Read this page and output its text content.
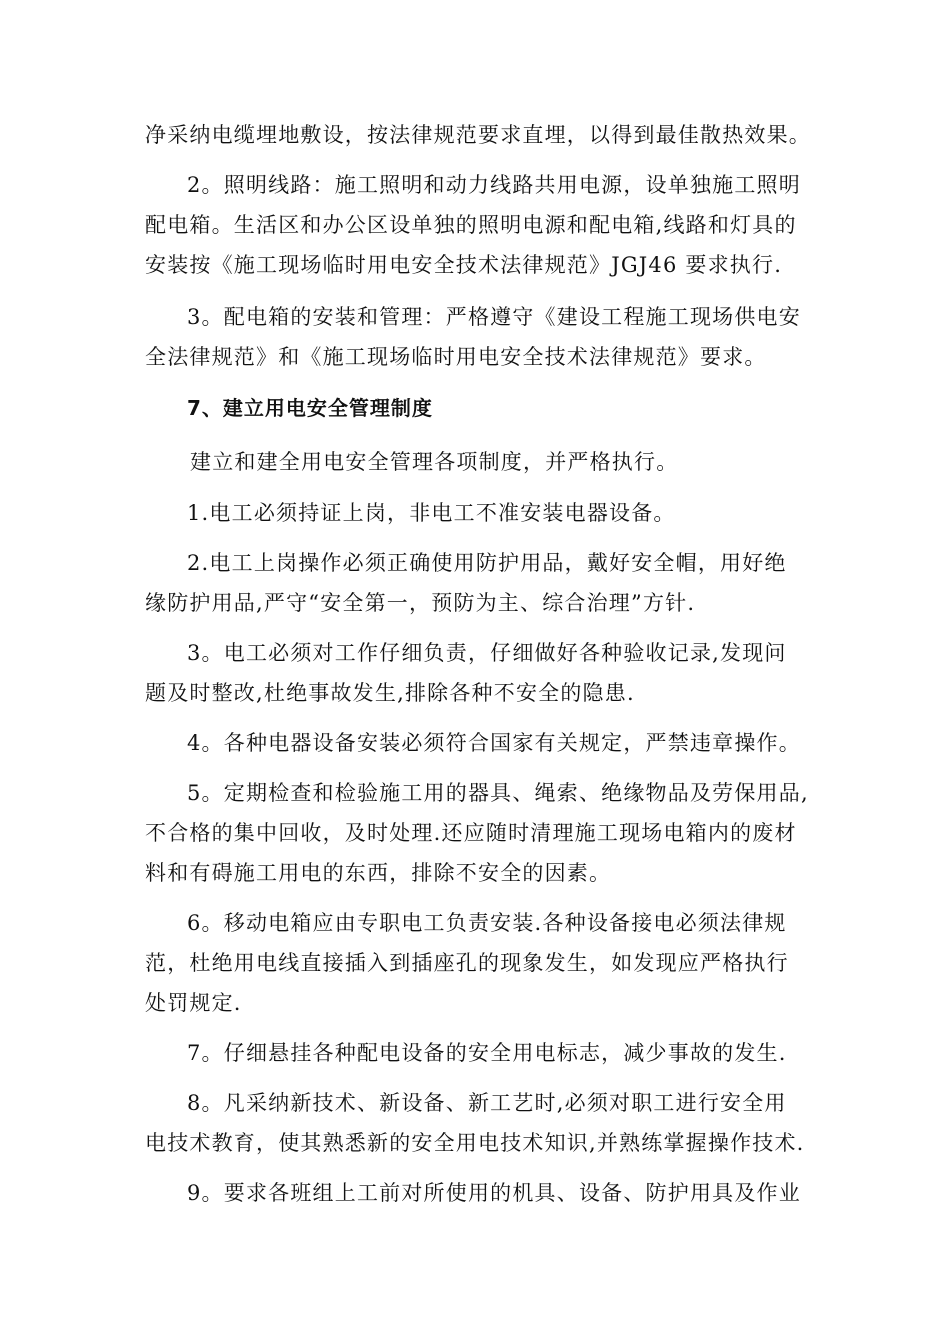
净采纳电缆埋地敷设，按法律规范要求直埋，以得到最佳散热效果。
2。照明线路：施工照明和动力线路共用电源，设单独施工照明
配电箱。生活区和办公区设单独的照明电源和配电箱,线路和灯具的
安装按《施工现场临时用电安全技术法律规范》JGJ46 要求执行.
3。配电箱的安装和管理：严格遵守《建设工程施工现场供电安
全法律规范》和《施工现场临时用电安全技术法律规范》要求。
7、建立用电安全管理制度
建立和建全用电安全管理各项制度，并严格执行。
1.电工必须持证上岗，非电工不准安装电器设备。
2.电工上岗操作必须正确使用防护用品，戴好安全帽，用好绝
缘防护用品,严守“安全第一，预防为主、综合治理”方针.
3。电工必须对工作仔细负责，仔细做好各种验收记录,发现问
题及时整改,杜绝事故发生,排除各种不安全的隐患.
4。各种电器设备安装必须符合国家有关规定，严禁违章操作。
5。定期检查和检验施工用的器具、绳索、绝缘物品及劳保用品,
不合格的集中回收，及时处理.还应随时清理施工现场电箱内的废材
料和有碍施工用电的东西，排除不安全的因素。
6。移动电箱应由专职电工负责安装.各种设备接电必须法律规
范，杜绝用电线直接插入到插座孔的现象发生，如发现应严格执行
处罚规定.
7。仔细悬挂各种配电设备的安全用电标志，减少事故的发生.
8。凡采纳新技术、新设备、新工艺时,必须对职工进行安全用
电技术教育，使其熟悉新的安全用电技术知识,并熟练掌握操作技术.
9。要求各班组上工前对所使用的机具、设备、防护用具及作业
